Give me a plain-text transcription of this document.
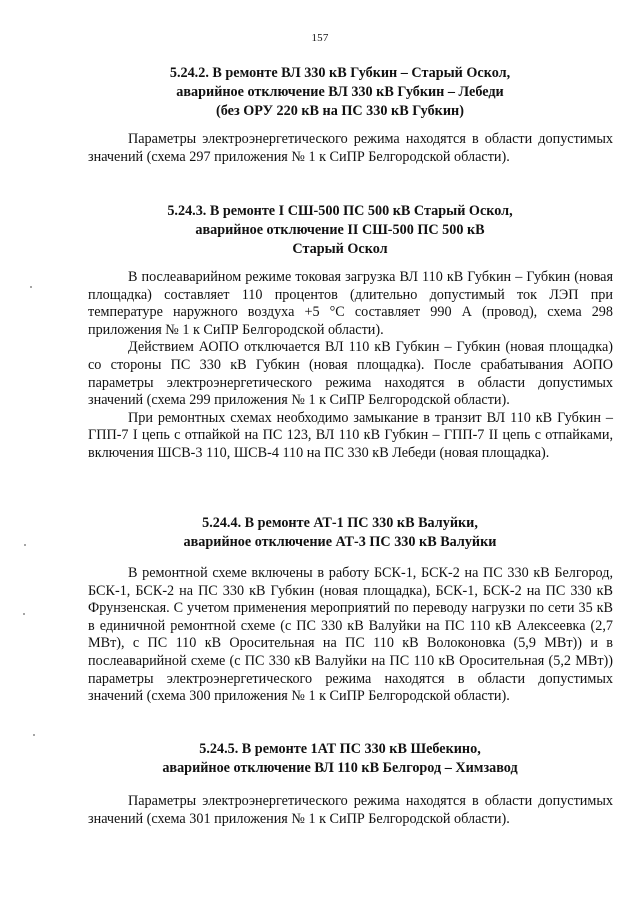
157
5.24.2. В ремонте ВЛ 330 кВ Губкин – Старый Оскол,
аварийное отключение ВЛ 330 кВ Губкин – Лебеди
(без ОРУ 220 кВ на ПС 330 кВ Губкин)

Параметры электроэнергетического режима находятся в области допустимых значений (схема 297 приложения № 1 к СиПР Белгородской области).

5.24.3. В ремонте I СШ-500 ПС 500 кВ Старый Оскол,
аварийное отключение II СШ-500 ПС 500 кВ
Старый Оскол

В послеаварийном режиме токовая загрузка ВЛ 110 кВ Губкин – Губкин (новая площадка) составляет 110 процентов (длительно допустимый ток ЛЭП при температуре наружного воздуха +5 °С составляет 990 А (провод), схема 298 приложения № 1 к СиПР Белгородской области).

Действием АОПО отключается ВЛ 110 кВ Губкин – Губкин (новая площадка) со стороны ПС 330 кВ Губкин (новая площадка). После срабатывания АОПО параметры электроэнергетического режима находятся в области допустимых значений (схема 299 приложения № 1 к СиПР Белгородской области).

При ремонтных схемах необходимо замыкание в транзит ВЛ 110 кВ Губкин – ГПП-7 I цепь с отпайкой на ПС 123, ВЛ 110 кВ Губкин – ГПП-7 II цепь с отпайками, включения ШСВ-3 110, ШСВ-4 110 на ПС 330 кВ Лебеди (новая площадка).

5.24.4. В ремонте АТ-1 ПС 330 кВ Валуйки,
аварийное отключение АТ-3 ПС 330 кВ Валуйки

В ремонтной схеме включены в работу БСК-1, БСК-2 на ПС 330 кВ Белгород, БСК-1, БСК-2 на ПС 330 кВ Губкин (новая площадка), БСК-1, БСК-2 на ПС 330 кВ Фрунзенская. С учетом применения мероприятий по переводу нагрузки по сети 35 кВ в единичной ремонтной схеме (с ПС 330 кВ Валуйки на ПС 110 кВ Алексеевка (2,7 МВт), с ПС 110 кВ Оросительная на ПС 110 кВ Волоконовка (5,9 МВт)) и в послеаварийной схеме (с ПС 330 кВ Валуйки на ПС 110 кВ Оросительная (5,2 МВт)) параметры электроэнергетического режима находятся в области допустимых значений (схема 300 приложения № 1 к СиПР Белгородской области).

5.24.5. В ремонте 1АТ ПС 330 кВ Шебекино,
аварийное отключение ВЛ 110 кВ Белгород – Химзавод

Параметры электроэнергетического режима находятся в области допустимых значений (схема 301 приложения № 1 к СиПР Белгородской области).
